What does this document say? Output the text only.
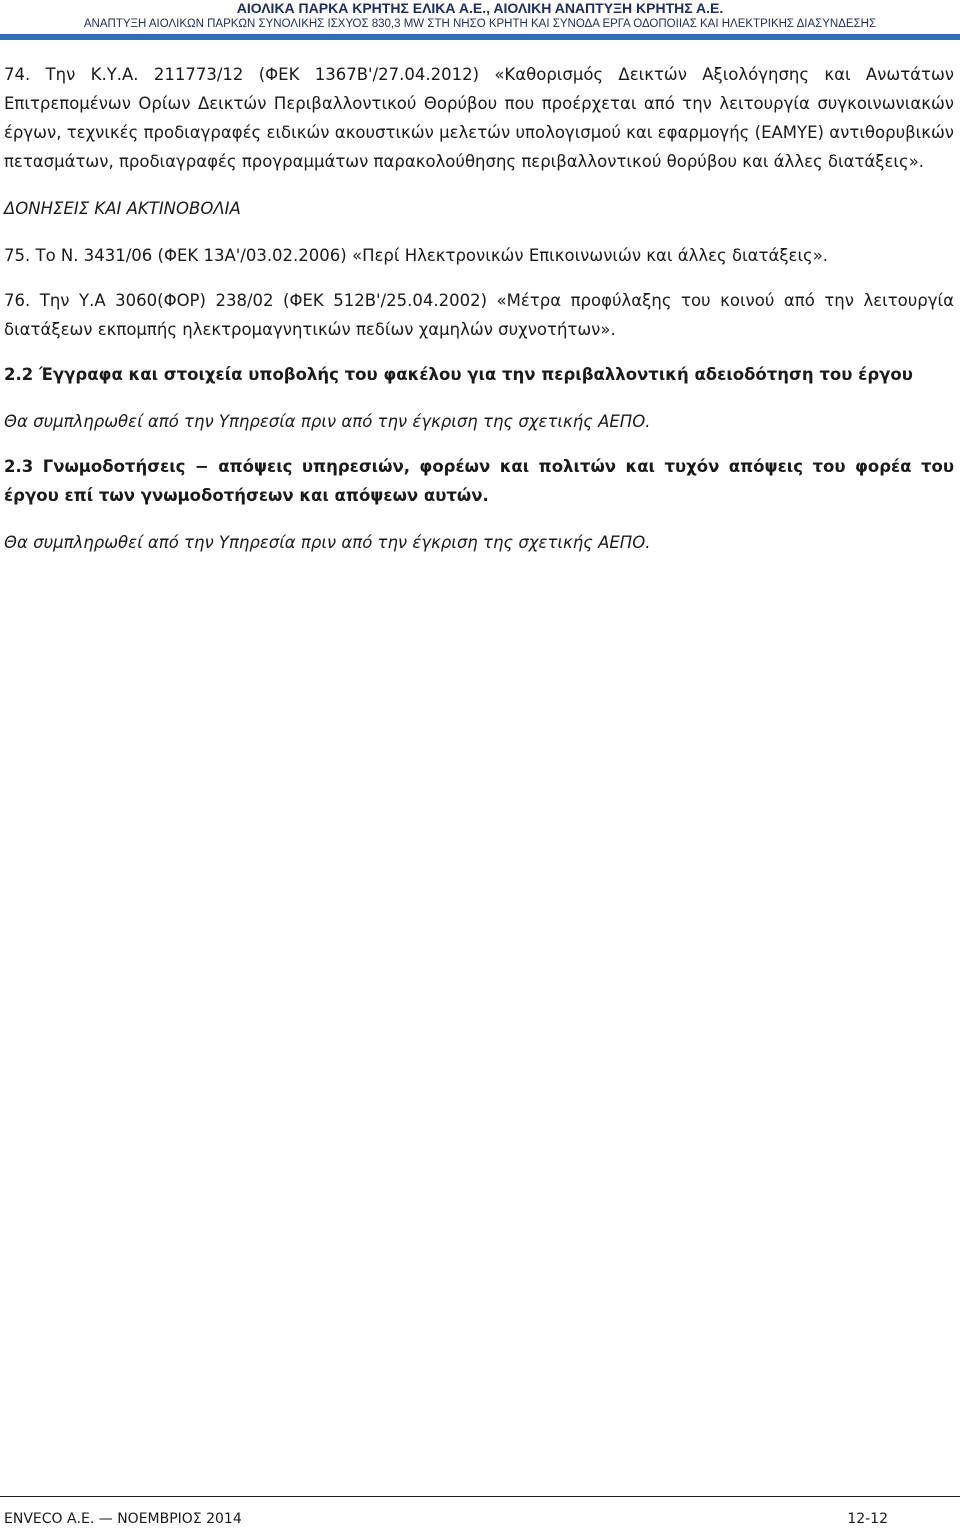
ΑΙΟΛΙΚΑ ΠΑΡΚΑ ΚΡΗΤΗΣ ΕΛΙΚΑ Α.Ε., ΑΙΟΛΙΚΗ ΑΝΑΠΤΥΞΗ ΚΡΗΤΗΣ Α.Ε.
ΑΝΑΠΤΥΞΗ ΑΙΟΛΙΚΩΝ ΠΑΡΚΩΝ ΣΥΝΟΛΙΚΗΣ ΙΣΧΥΟΣ 830,3 MW ΣΤΗ ΝΗΣΟ ΚΡΗΤΗ ΚΑΙ ΣΥΝΟΔΑ ΕΡΓΑ ΟΔΟΠΟΙΙΑΣ ΚΑΙ ΗΛΕΚΤΡΙΚΗΣ ΔΙΑΣΥΝΔΕΣΗΣ

74. Την Κ.Υ.Α. 211773/12 (ΦΕΚ 1367Β'/27.04.2012) «Καθορισμός Δεικτών Αξιολόγησης και Ανωτάτων Επιτρεπομένων Ορίων Δεικτών Περιβαλλοντικού Θορύβου που προέρχεται από την λειτουργία συγκοινωνιακών έργων, τεχνικές προδιαγραφές ειδικών ακουστικών μελετών υπολογισμού και εφαρμογής (ΕΑΜΥΕ) αντιθορυβικών πετασμάτων, προδιαγραφές προγραμμάτων παρακολούθησης περιβαλλοντικού θορύβου και άλλες διατάξεις».

ΔΟΝΗΣΕΙΣ ΚΑΙ ΑΚΤΙΝΟΒΟΛΙΑ

75. Το Ν. 3431/06 (ΦΕΚ 13Α'/03.02.2006) «Περί Ηλεκτρονικών Επικοινωνιών και άλλες διατάξεις».

76. Την Υ.Α 3060(ΦΟΡ) 238/02 (ΦΕΚ 512Β'/25.04.2002) «Μέτρα προφύλαξης του κοινού από την λειτουργία διατάξεων εκπομπής ηλεκτρομαγνητικών πεδίων χαμηλών συχνοτήτων».

2.2 Έγγραφα και στοιχεία υποβολής του φακέλου για την περιβαλλοντική αδειοδότηση του έργου

Θα συμπληρωθεί από την Υπηρεσία πριν από την έγκριση της σχετικής ΑΕΠΟ.

2.3 Γνωμοδοτήσεις − απόψεις υπηρεσιών, φορέων και πολιτών και τυχόν απόψεις του φορέα του έργου επί των γνωμοδοτήσεων και απόψεων αυτών.

Θα συμπληρωθεί από την Υπηρεσία πριν από την έγκριση της σχετικής ΑΕΠΟ.

ENVECO Α.Ε. — ΝΟΕΜΒΡΙΟΣ 2014	12-12
